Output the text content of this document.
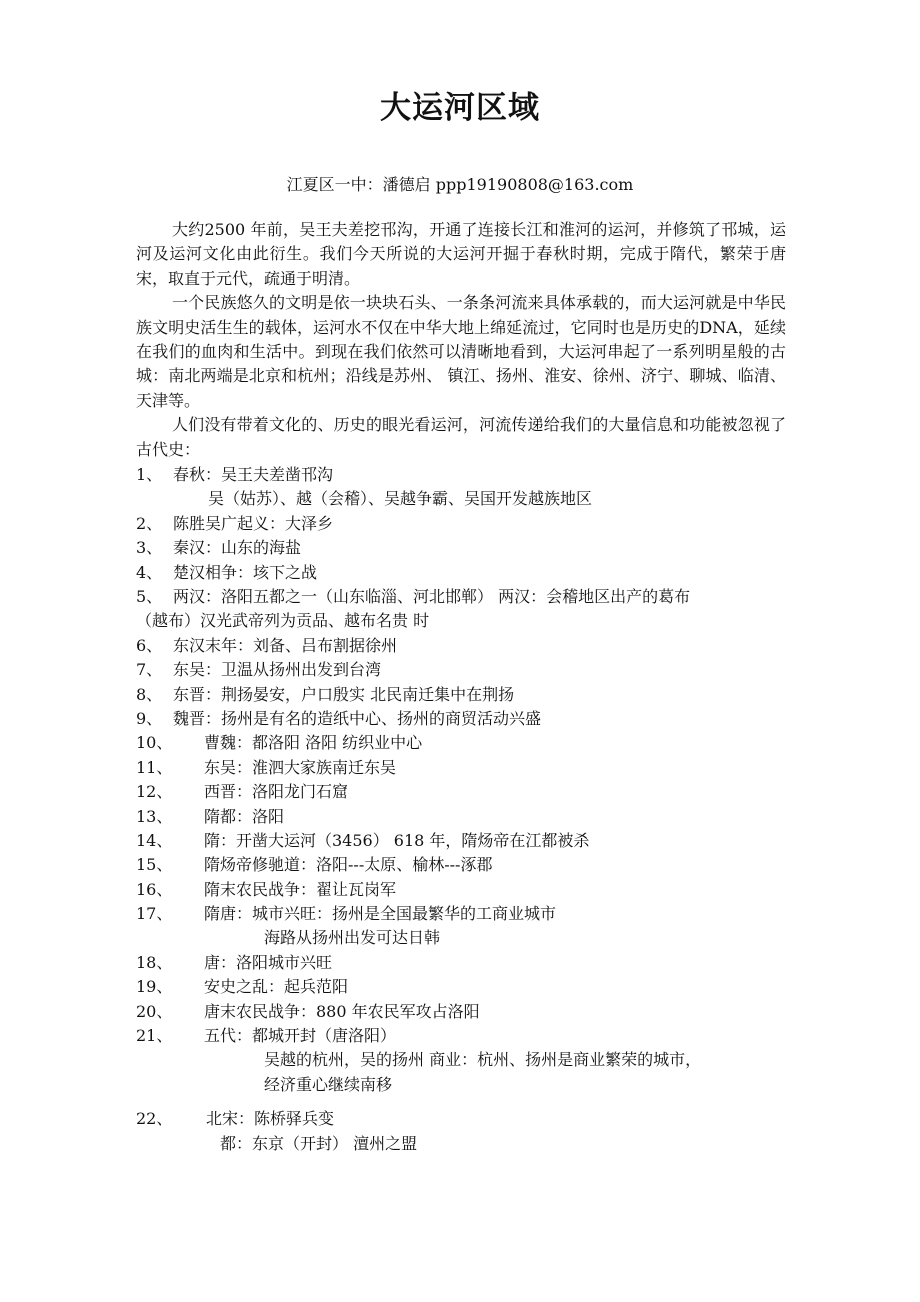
大运河区域
江夏区一中：潘德启 ppp19190808@163.com

大约2500 年前，吴王夫差挖邗沟，开通了连接长江和淮河的运河，并修筑了邗城，运河及运河文化由此衍生。我们今天所说的大运河开掘于春秋时期，完成于隋代，繁荣于唐宋，取直于元代，疏通于明清。

一个民族悠久的文明是依一块块石头、一条条河流来具体承载的，而大运河就是中华民族文明史活生生的载体，运河水不仅在中华大地上绵延流过，它同时也是历史的DNA，延续在我们的血肉和生活中。到现在我们依然可以清晰地看到，大运河串起了一系列明星般的古城：南北两端是北京和杭州；沿线是苏州、 镇江、扬州、淮安、徐州、济宁、聊城、临清、天津等。

人们没有带着文化的、历史的眼光看运河，河流传递给我们的大量信息和功能被忽视了 古代史：

1、 春秋：吴王夫差凿邗沟
吴（姑苏）、越（会稽）、吴越争霸、吴国开发越族地区
2、 陈胜吴广起义：大泽乡
3、 秦汉：山东的海盐
4、 楚汉相争：垓下之战
5、 两汉：洛阳五都之一（山东临淄、河北邯郸） 两汉：会稽地区出产的葛布
（越布）汉光武帝列为贡品、越布名贵 时
6、 东汉末年：刘备、吕布割据徐州
7、 东吴：卫温从扬州出发到台湾
8、 东晋：荆扬晏安，户口殷实 北民南迁集中在荆扬
9、 魏晋：扬州是有名的造纸中心、扬州的商贸活动兴盛
10、 曹魏：都洛阳 洛阳 纺织业中心
11、 东吴：淮泗大家族南迁东吴
12、 西晋：洛阳龙门石窟
13、 隋都：洛阳
14、 隋：开凿大运河（3456） 618 年，隋炀帝在江都被杀
15、 隋炀帝修驰道：洛阳---太原、榆林---涿郡
16、 隋末农民战争：翟让瓦岗军
17、 隋唐：城市兴旺：扬州是全国最繁华的工商业城市
海路从扬州出发可达日韩
18、 唐：洛阳城市兴旺
19、 安史之乱：起兵范阳
20、 唐末农民战争：880 年农民军攻占洛阳
21、 五代：都城开封（唐洛阳）
吴越的杭州，吴的扬州 商业：杭州、扬州是商业繁荣的城市，
经济重心继续南移
22、 北宋：陈桥驿兵变
都：东京（开封） 澶州之盟
